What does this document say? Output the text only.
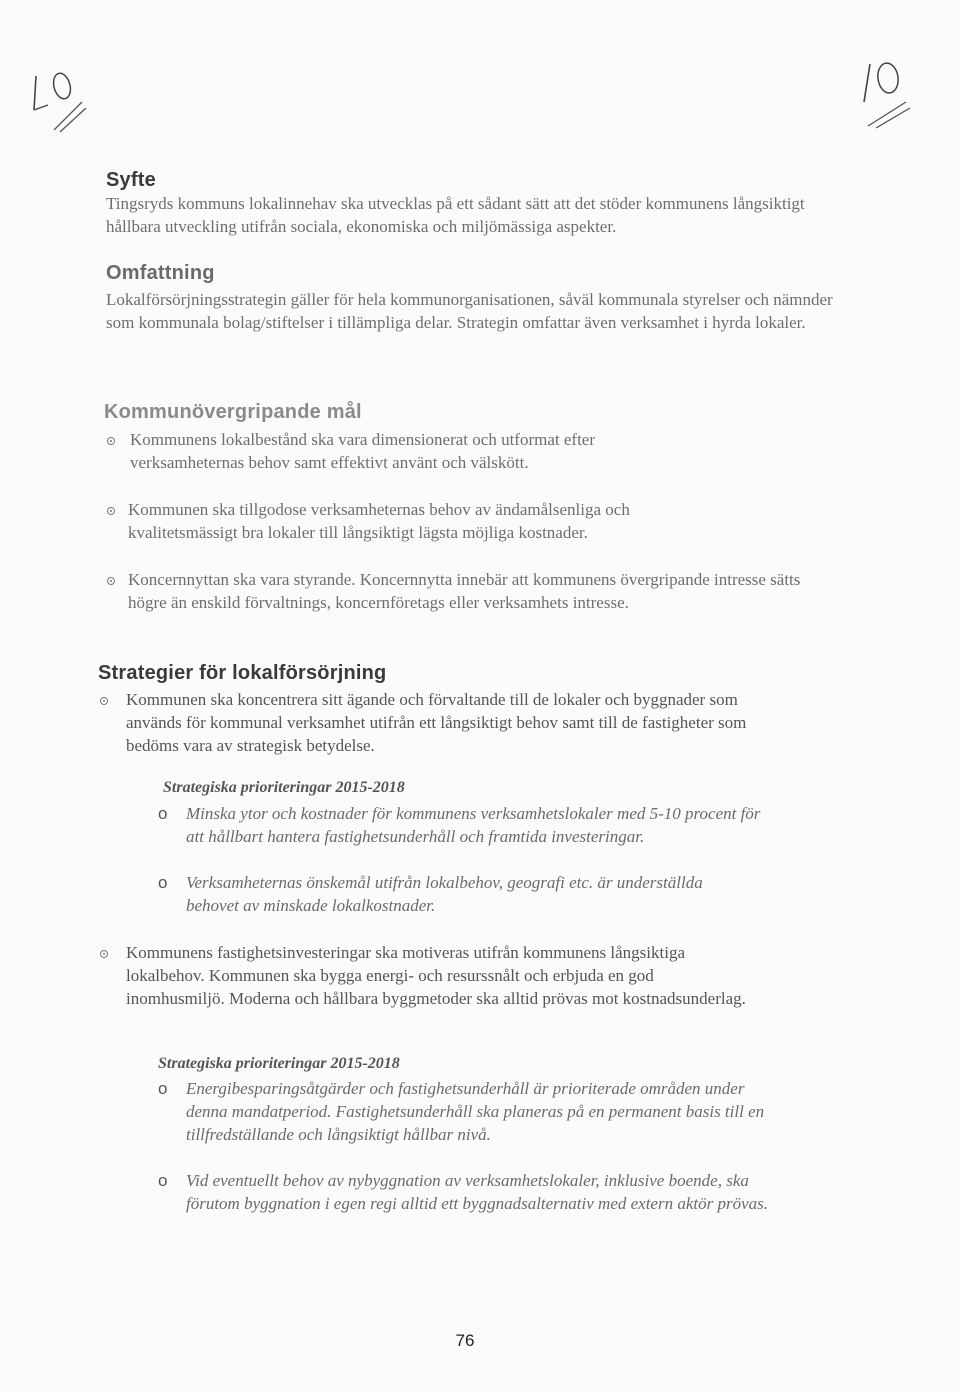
Syfte

Tingsryds kommuns lokalinnehav ska utvecklas på ett sådant sätt att det stöder kommunens långsiktigt hållbara utveckling utifrån sociala, ekonomiska och miljömässiga aspekter.

Omfattning

Lokalförsörjningsstrategin gäller för hela kommunorganisationen, såväl kommunala styrelser och nämnder som kommunala bolag/stiftelser i tillämpliga delar. Strategin omfattar även verksamhet i hyrda lokaler.

Kommunövergripande mål

Kommunens lokalbestånd ska vara dimensionerat och utformat efter verksamheternas behov samt effektivt använt och välskött.

Kommunen ska tillgodose verksamheternas behov av ändamålsenliga och kvalitetsmässigt bra lokaler till långsiktigt lägsta möjliga kostnader.

Koncernnyttan ska vara styrande. Koncernnytta innebär att kommunens övergripande intresse sätts högre än enskild förvaltnings, koncernföretags eller verksamhets intresse.

Strategier för lokalförsörjning

Kommunen ska koncentrera sitt ägande och förvaltande till de lokaler och byggnader som används för kommunal verksamhet utifrån ett långsiktigt behov samt till de fastigheter som bedöms vara av strategisk betydelse.

Strategiska prioriteringar 2015-2018
o Minska ytor och kostnader för kommunens verksamhetslokaler med 5-10 procent för att hållbart hantera fastighetsunderhåll och framtida investeringar.

o Verksamheternas önskemål utifrån lokalbehov, geografi etc. är underställda behovet av minskade lokalkostnader.

Kommunens fastighetsinvesteringar ska motiveras utifrån kommunens långsiktiga lokalbehov. Kommunen ska bygga energi- och resurssnålt och erbjuda en god inomhusmiljö. Moderna och hållbara byggmetoder ska alltid prövas mot kostnadsunderlag.

Strategiska prioriteringar 2015-2018
o Energibesparingsåtgärder och fastighetsunderhåll är prioriterade områden under denna mandatperiod. Fastighetsunderhåll ska planeras på en permanent basis till en tillfredställande och långsiktigt hållbar nivå.

o Vid eventuellt behov av nybyggnation av verksamhetslokaler, inklusive boende, ska förutom byggnation i egen regi alltid ett byggnadsalternativ med extern aktör prövas.

76
